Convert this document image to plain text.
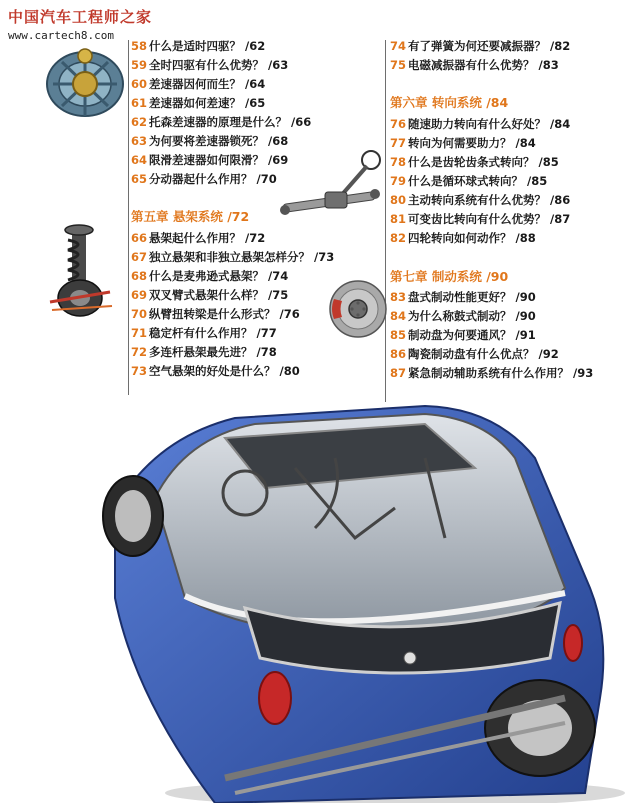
中国汽车工程师之家
www.cartech8.com
58 什么是适时四驱？ /62
59 全时四驱有什么优势？ /63
60 差速器因何而生？ /64
61 差速器如何差速？ /65
62 托森差速器的原理是什么？ /66
63 为何要将差速器锁死？ /68
64 限滑差速器如何限滑？ /69
65 分动器起什么作用？ /70
第五章 悬架系统 /72
66 悬架起什么作用？ /72
67 独立悬架和非独立悬架怎样分？ /73
68 什么是麦弗逊式悬架？ /74
69 双叉臂式悬架什么样？ /75
70 纵臂扭转梁是什么形式？ /76
71 稳定杆有什么作用？ /77
72 多连杆悬架最先进？ /78
73 空气悬架的好处是什么？ /80
74 有了弹簧为何还要减振器？ /82
75 电磁减振器有什么优势？ /83
第六章 转向系统 /84
76 随速助力转向有什么好处？ /84
77 转向为何需要助力？ /84
78 什么是齿轮齿条式转向？ /85
79 什么是循环球式转向？ /85
80 主动转向系统有什么优势？ /86
81 可变齿比转向有什么优势？ /87
82 四轮转向如何动作？ /88
第七章 制动系统 /90
83 盘式制动性能更好？ /90
84 为什么称鼓式制动？ /90
85 制动盘为何要通风？ /91
86 陶瓷制动盘有什么优点？ /92
87 紧急制动辅助系统有什么作用？ /93
